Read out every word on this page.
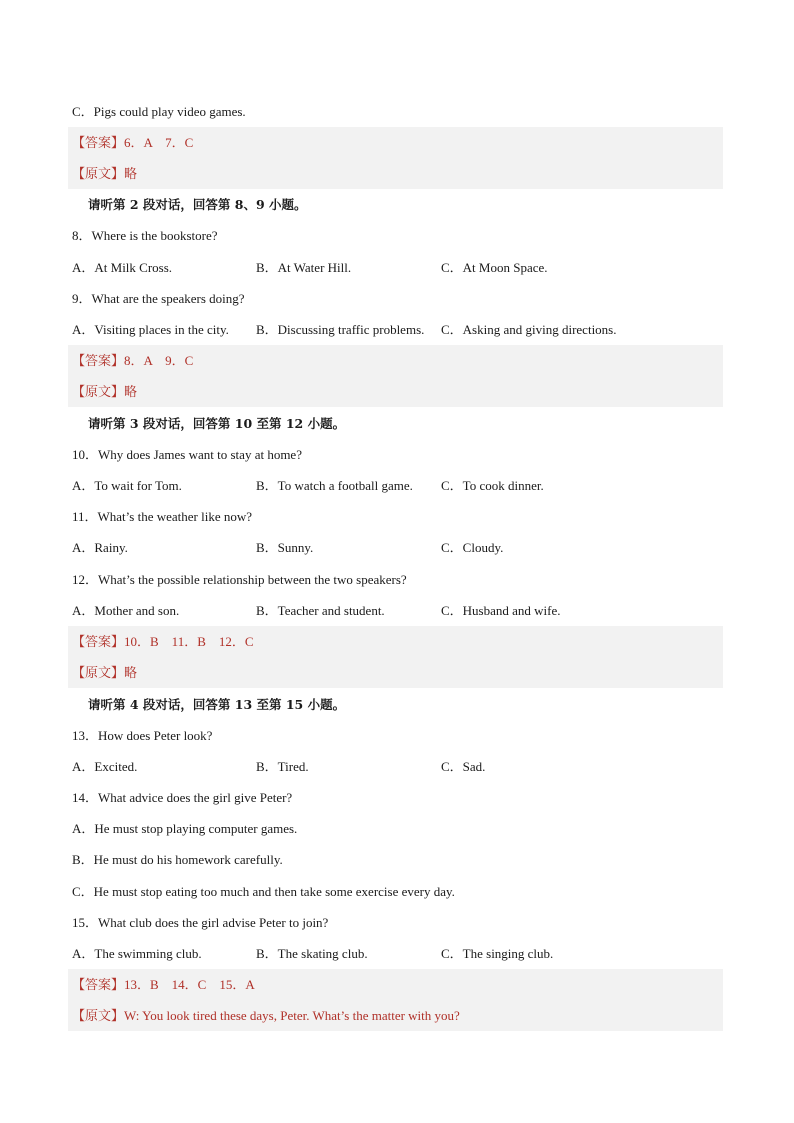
C．Pigs could play video games.
【答案】6．A　7．C
【原文】略
请听第 2 段对话，回答第 8、9 小题。
8．Where is the bookstore?
A．At Milk Cross.	B．At Water Hill.	C．At Moon Space.
9．What are the speakers doing?
A．Visiting places in the city. B．Discussing traffic problems. C．Asking and giving directions.
【答案】8．A　9．C
【原文】略
请听第 3 段对话，回答第 10 至第 12 小题。
10．Why does James want to stay at home?
A．To wait for Tom.	B．To watch a football game. C．To cook dinner.
11．What’s the weather like now?
A．Rainy.	B．Sunny.	C．Cloudy.
12．What’s the possible relationship between the two speakers?
A．Mother and son.	B．Teacher and student.	C．Husband and wife.
【答案】10．B　11．B　12．C
【原文】略
请听第 4 段对话，回答第 13 至第 15 小题。
13．How does Peter look?
A．Excited.	B．Tired.	C．Sad.
14．What advice does the girl give Peter?
A．He must stop playing computer games.
B．He must do his homework carefully.
C．He must stop eating too much and then take some exercise every day.
15．What club does the girl advise Peter to join?
A．The swimming club.	B．The skating club.	C．The singing club.
【答案】13．B　14．C　15．A
【原文】W: You look tired these days, Peter. What’s the matter with you?
